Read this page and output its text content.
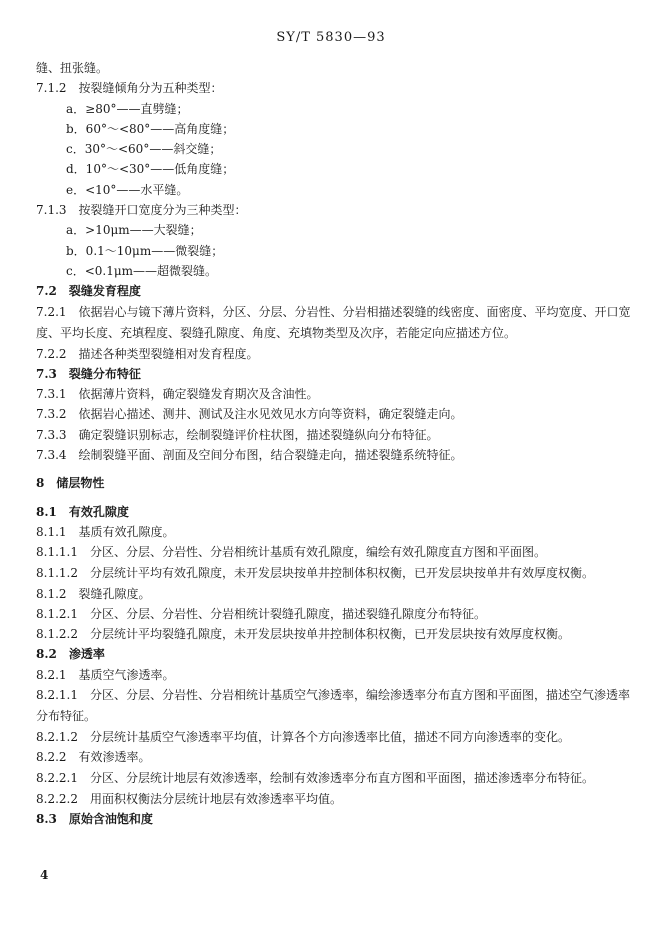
SY/T 5830—93
缝、扭张缝。
7.1.2　按裂缝倾角分为五种类型：
a．≥80°——直劈缝；
b．60°～<80°——高角度缝；
c．30°～<60°——斜交缝；
d．10°～<30°——低角度缝；
e．<10°——水平缝。
7.1.3　按裂缝开口宽度分为三种类型：
a．>10μm——大裂缝；
b．0.1～10μm——微裂缝；
c．<0.1μm——超微裂缝。
7.2　裂缝发育程度
7.2.1　依据岩心与镜下薄片资料，分区、分层、分岩性、分岩相描述裂缝的线密度、面密度、平均宽度、开口宽度、平均长度、充填程度、裂缝孔隙度、角度、充填物类型及次序，若能定向应描述方位。
7.2.2　描述各种类型裂缝相对发育程度。
7.3　裂缝分布特征
7.3.1　依据薄片资料，确定裂缝发育期次及含油性。
7.3.2　依据岩心描述、测井、测试及注水见效见水方向等资料，确定裂缝走向。
7.3.3　确定裂缝识别标志，绘制裂缝评价柱状图，描述裂缝纵向分布特征。
7.3.4　绘制裂缝平面、剖面及空间分布图，结合裂缝走向，描述裂缝系统特征。
8　储层物性
8.1　有效孔隙度
8.1.1　基质有效孔隙度。
8.1.1.1　分区、分层、分岩性、分岩相统计基质有效孔隙度，编绘有效孔隙度直方图和平面图。
8.1.1.2　分层统计平均有效孔隙度，未开发层块按单井控制体积权衡，已开发层块按单井有效厚度权衡。
8.1.2　裂缝孔隙度。
8.1.2.1　分区、分层、分岩性、分岩相统计裂缝孔隙度，描述裂缝孔隙度分布特征。
8.1.2.2　分层统计平均裂缝孔隙度，未开发层块按单井控制体积权衡，已开发层块按有效厚度权衡。
8.2　渗透率
8.2.1　基质空气渗透率。
8.2.1.1　分区、分层、分岩性、分岩相统计基质空气渗透率，编绘渗透率分布直方图和平面图，描述空气渗透率分布特征。
8.2.1.2　分层统计基质空气渗透率平均值，计算各个方向渗透率比值，描述不同方向渗透率的变化。
8.2.2　有效渗透率。
8.2.2.1　分区、分层统计地层有效渗透率，绘制有效渗透率分布直方图和平面图，描述渗透率分布特征。
8.2.2.2　用面积权衡法分层统计地层有效渗透率平均值。
8.3　原始含油饱和度
4
